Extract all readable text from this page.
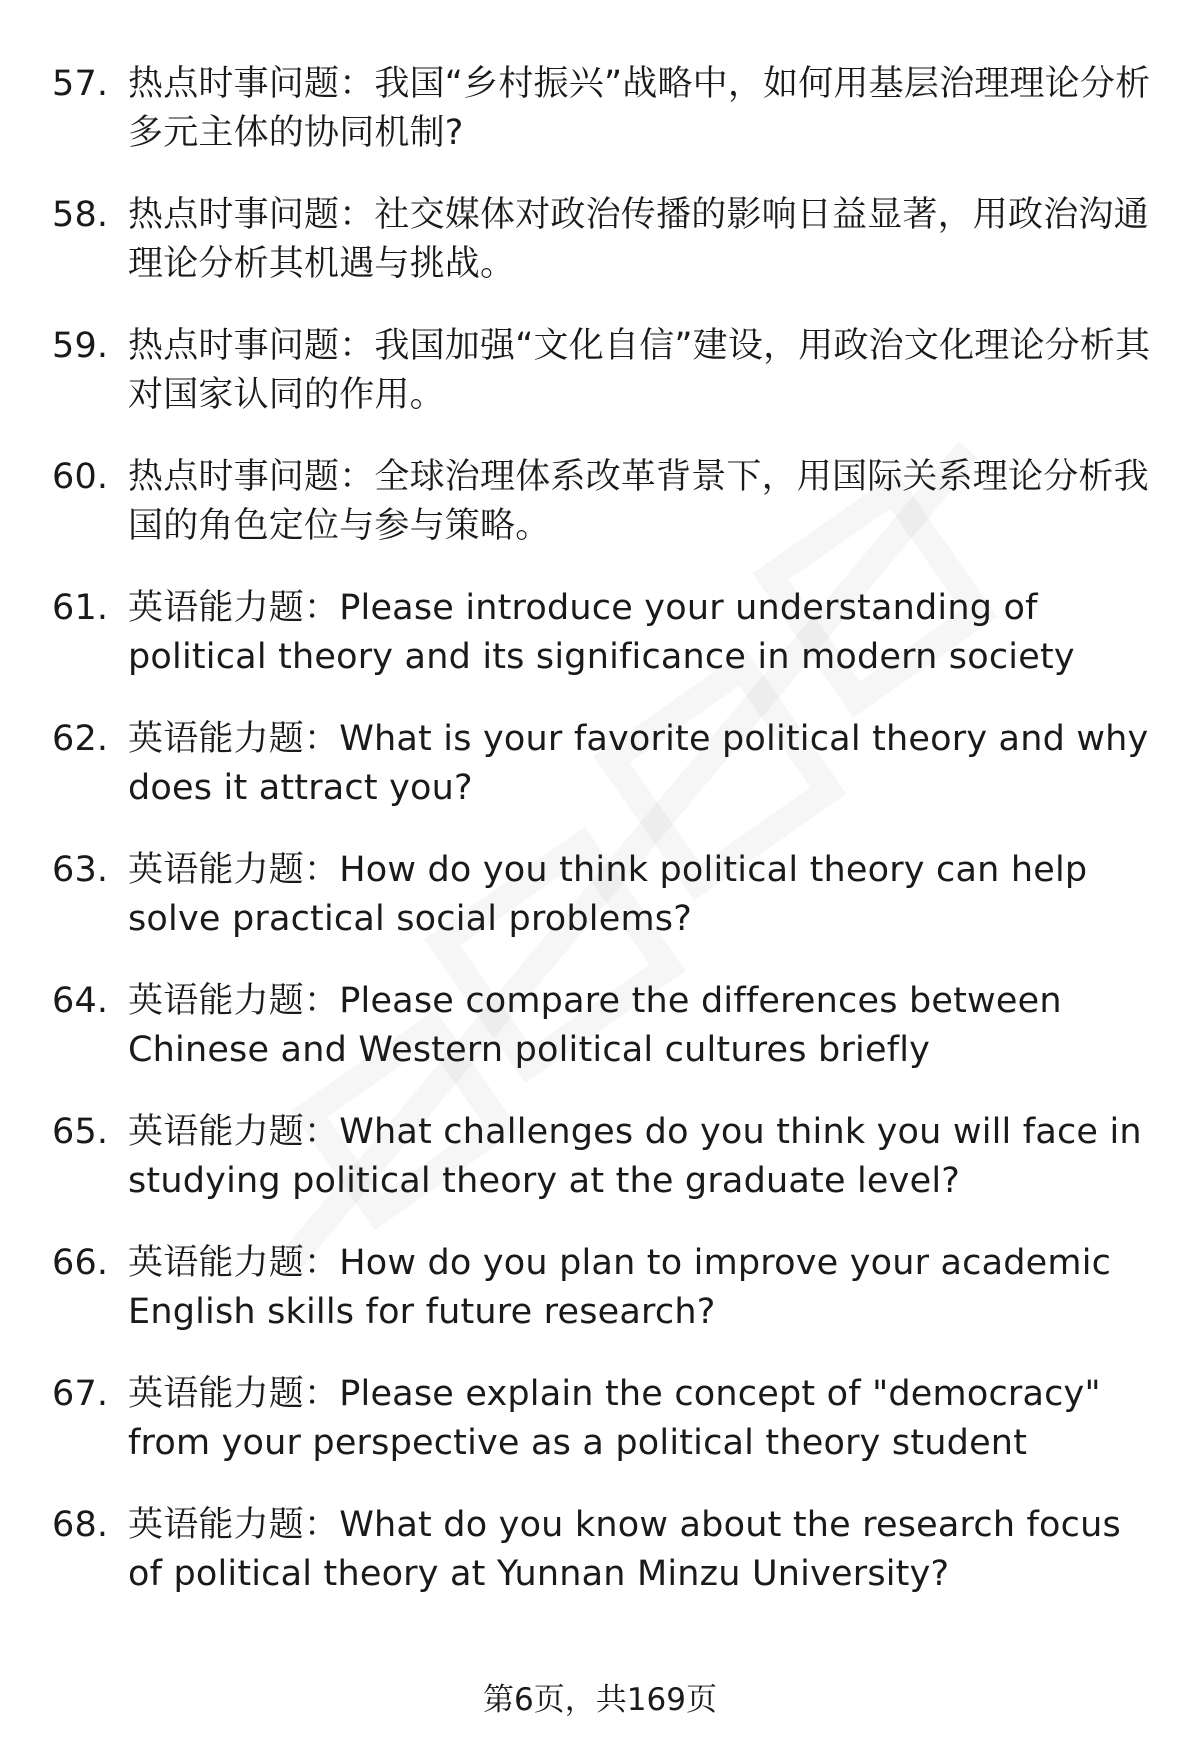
57. 热点时事问题：我国“乡村振兴”战略中，如何用基层治理理论分析多元主体的协同机制?
58. 热点时事问题：社交媒体对政治传播的影响日益显著，用政治沟通理论分析其机遇与挑战。
59. 热点时事问题：我国加强“文化自信”建设，用政治文化理论分析其对国家认同的作用。
60. 热点时事问题：全球治理体系改革背景下，用国际关系理论分析我国的角色定位与参与策略。
61. 英语能力题：Please introduce your understanding of political theory and its significance in modern society
62. 英语能力题：What is your favorite political theory and why does it attract you?
63. 英语能力题：How do you think political theory can help solve practical social problems?
64. 英语能力题：Please compare the differences between Chinese and Western political cultures briefly
65. 英语能力题：What challenges do you think you will face in studying political theory at the graduate level?
66. 英语能力题：How do you plan to improve your academic English skills for future research?
67. 英语能力题：Please explain the concept of "democracy" from your perspective as a political theory student
68. 英语能力题：What do you know about the research focus of political theory at Yunnan Minzu University?
第6页，共169页
